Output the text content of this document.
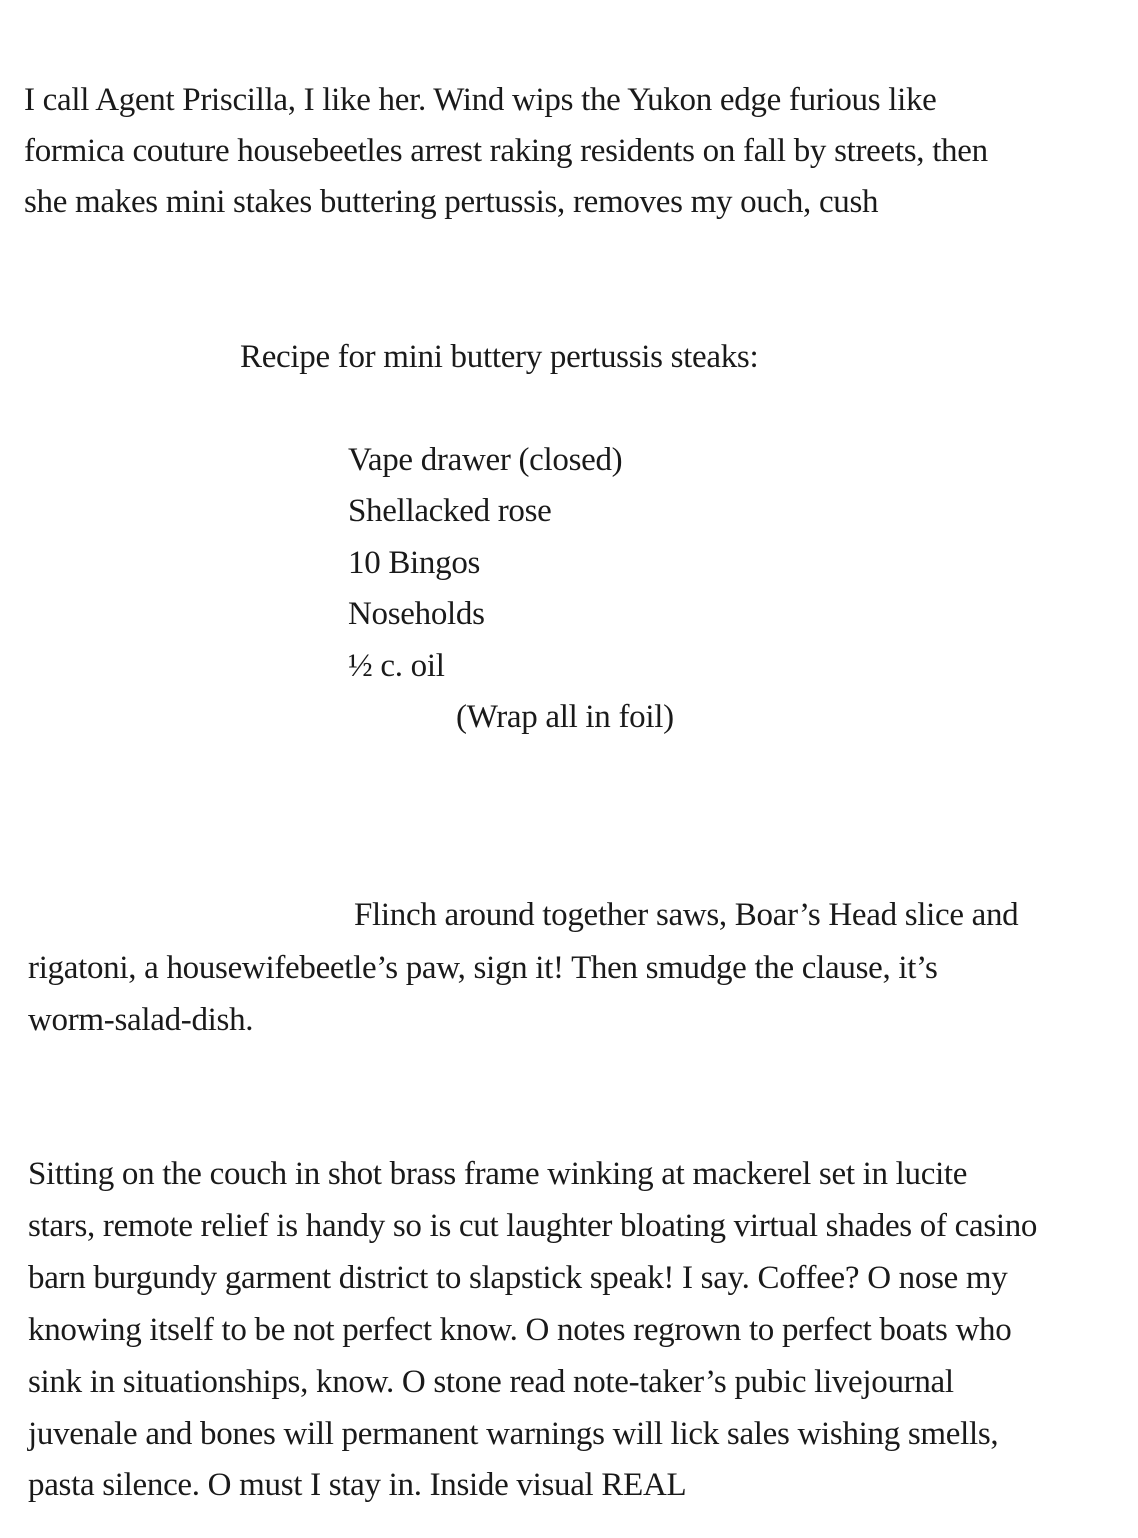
I call Agent Priscilla, I like her. Wind wips the Yukon edge furious like
formica couture housebeetles arrest raking residents on fall by streets, then
she makes mini stakes buttering pertussis, removes my ouch, cush
Recipe for mini buttery pertussis steaks:
Vape drawer (closed)
Shellacked rose
10 Bingos
Noseholds
½ c. oil
(Wrap all in foil)
Flinch around together saws, Boar’s Head slice and
rigatoni, a housewifebeetle’s paw, sign it! Then smudge the clause, it’s
worm-salad-dish.
Sitting on the couch in shot brass frame winking at mackerel set in lucite
stars, remote relief is handy so is cut laughter bloating virtual shades of casino
barn burgundy garment district to slapstick speak! I say. Coffee? O nose my
knowing itself to be not perfect know. O notes regrown to perfect boats who
sink in situationships, know. O stone read note-taker’s pubic livejournal
juvenale and bones will permanent warnings will lick sales wishing smells,
pasta silence. O must I stay in. Inside visual REAL
